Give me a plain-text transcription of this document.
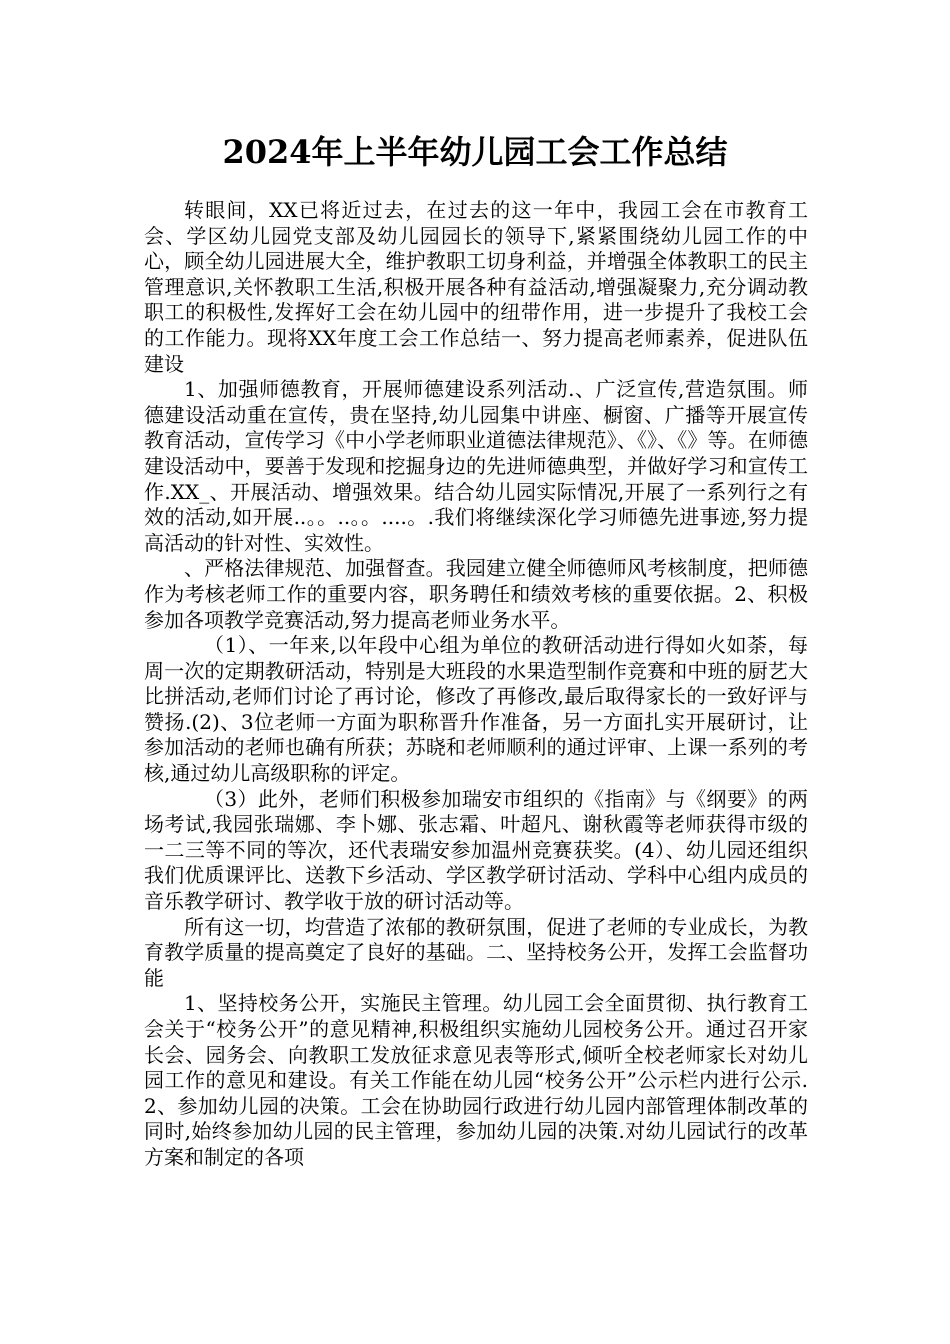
2024年上半年幼儿园工会工作总结

转眼间，XX已将近过去，在过去的这一年中，我园工会在市教育工会、学区幼儿园党支部及幼儿园园长的领导下,紧紧围绕幼儿园工作的中心，顾全幼儿园进展大全，维护教职工切身利益，并增强全体教职工的民主管理意识,关怀教职工生活,积极开展各种有益活动,增强凝聚力,充分调动教职工的积极性,发挥好工会在幼儿园中的纽带作用，进一步提升了我校工会的工作能力。现将XX年度工会工作总结一、努力提高老师素养，促进队伍建设

1、加强师德教育，开展师德建设系列活动.、广泛宣传,营造氛围。师德建设活动重在宣传，贵在坚持,幼儿园集中讲座、橱窗、广播等开展宣传教育活动，宣传学习《中小学老师职业道德法律规范》、《》、《》等。在师德建设活动中，要善于发现和挖掘身边的先进师德典型，并做好学习和宣传工作.XX_、开展活动、增强效果。结合幼儿园实际情况,开展了一系列行之有效的活动,如开展..。。..。。....。.我们将继续深化学习师德先进事迹,努力提高活动的针对性、实效性。

、严格法律规范、加强督查。我园建立健全师德师风考核制度，把师德作为考核老师工作的重要内容，职务聘任和绩效考核的重要依据。2、积极参加各项教学竞赛活动,努力提高老师业务水平。

（1）、一年来,以年段中心组为单位的教研活动进行得如火如荼，每周一次的定期教研活动，特别是大班段的水果造型制作竞赛和中班的厨艺大比拼活动,老师们讨论了再讨论，修改了再修改,最后取得家长的一致好评与赞扬.(2)、3位老师一方面为职称晋升作准备，另一方面扎实开展研讨，让参加活动的老师也确有所获；苏晓和老师顺利的通过评审、上课一系列的考核,通过幼儿高级职称的评定。

（3）此外，老师们积极参加瑞安市组织的《指南》与《纲要》的两场考试,我园张瑞娜、李卜娜、张志霜、叶超凡、谢秋霞等老师获得市级的一二三等不同的等次，还代表瑞安参加温州竞赛获奖。(4）、幼儿园还组织我们优质课评比、送教下乡活动、学区教学研讨活动、学科中心组内成员的音乐教学研讨、教学收于放的研讨活动等。

所有这一切，均营造了浓郁的教研氛围，促进了老师的专业成长，为教育教学质量的提高奠定了良好的基础。二、坚持校务公开，发挥工会监督功能

1、坚持校务公开，实施民主管理。幼儿园工会全面贯彻、执行教育工会关于“校务公开”的意见精神,积极组织实施幼儿园校务公开。通过召开家长会、园务会、向教职工发放征求意见表等形式,倾听全校老师家长对幼儿园工作的意见和建设。有关工作能在幼儿园“校务公开”公示栏内进行公示.2、参加幼儿园的决策。工会在协助园行政进行幼儿园内部管理体制改革的同时,始终参加幼儿园的民主管理，参加幼儿园的决策.对幼儿园试行的改革方案和制定的各项
